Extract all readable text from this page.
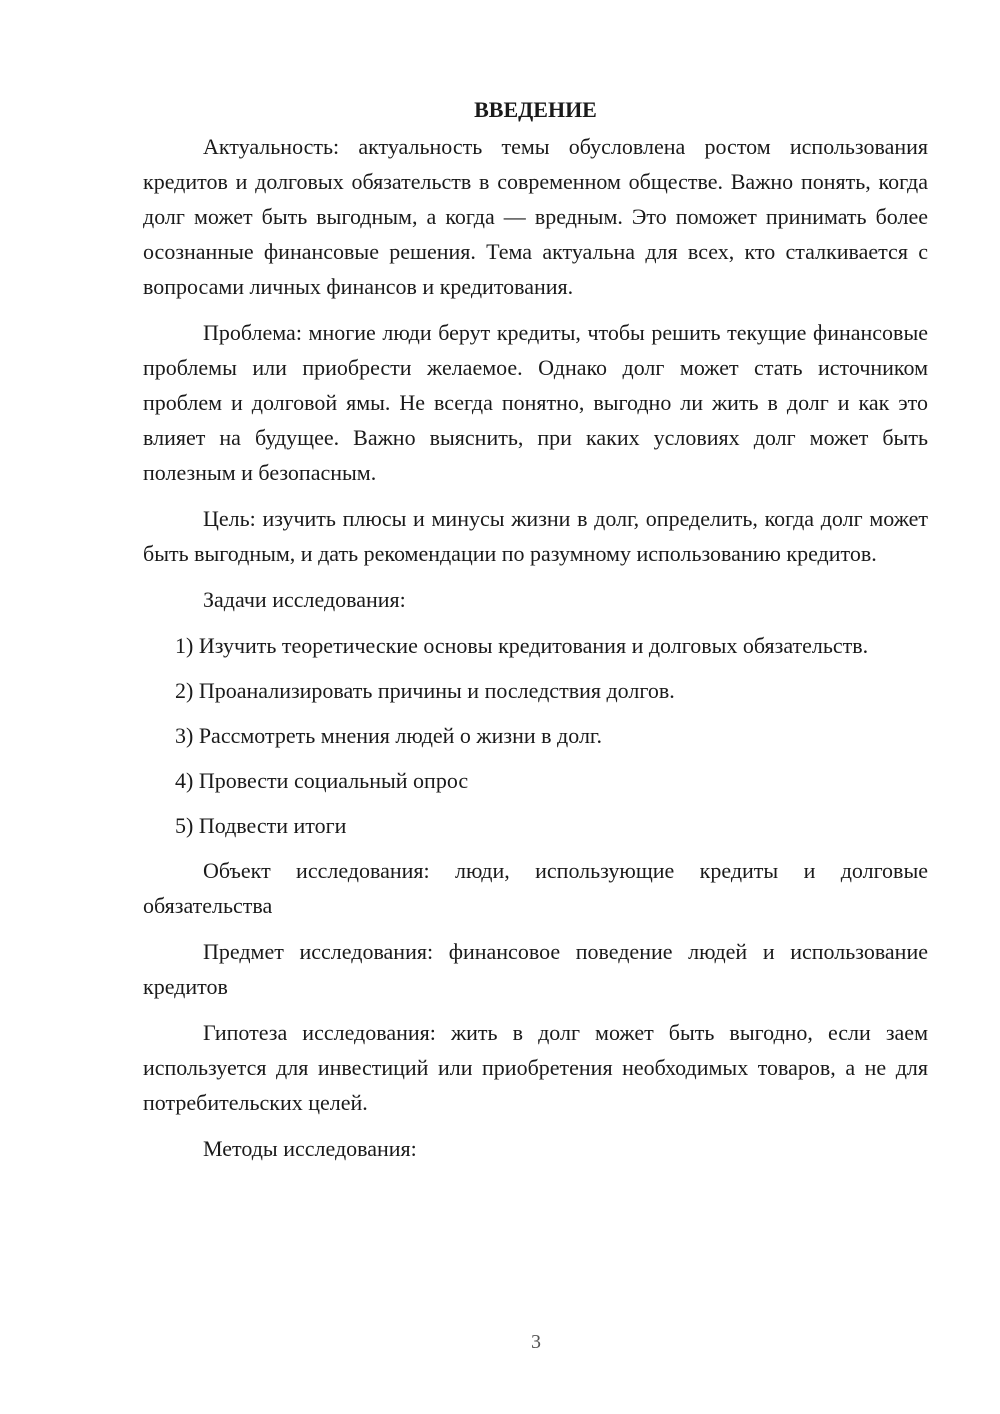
ВВЕДЕНИЕ

Актуальность: актуальность темы обусловлена ростом использования кредитов и долговых обязательств в современном обществе. Важно понять, когда долг может быть выгодным, а когда — вредным. Это поможет принимать более осознанные финансовые решения. Тема актуальна для всех, кто сталкивается с вопросами личных финансов и кредитования.

Проблема: многие люди берут кредиты, чтобы решить текущие финансовые проблемы или приобрести желаемое. Однако долг может стать источником проблем и долговой ямы. Не всегда понятно, выгодно ли жить в долг и как это влияет на будущее. Важно выяснить, при каких условиях долг может быть полезным и безопасным.

Цель: изучить плюсы и минусы жизни в долг, определить, когда долг может быть выгодным, и дать рекомендации по разумному использованию кредитов.

Задачи исследования:

1) Изучить теоретические основы кредитования и долговых обязательств.

2) Проанализировать причины и последствия долгов.

3) Рассмотреть мнения людей о жизни в долг.

4) Провести социальный опрос

5) Подвести итоги

Объект исследования: люди, использующие кредиты и долговые обязательства

Предмет исследования: финансовое поведение людей и использование кредитов

Гипотеза исследования: жить в долг может быть выгодно, если заем используется для инвестиций или приобретения необходимых товаров, а не для потребительских целей.

Методы исследования:

3
